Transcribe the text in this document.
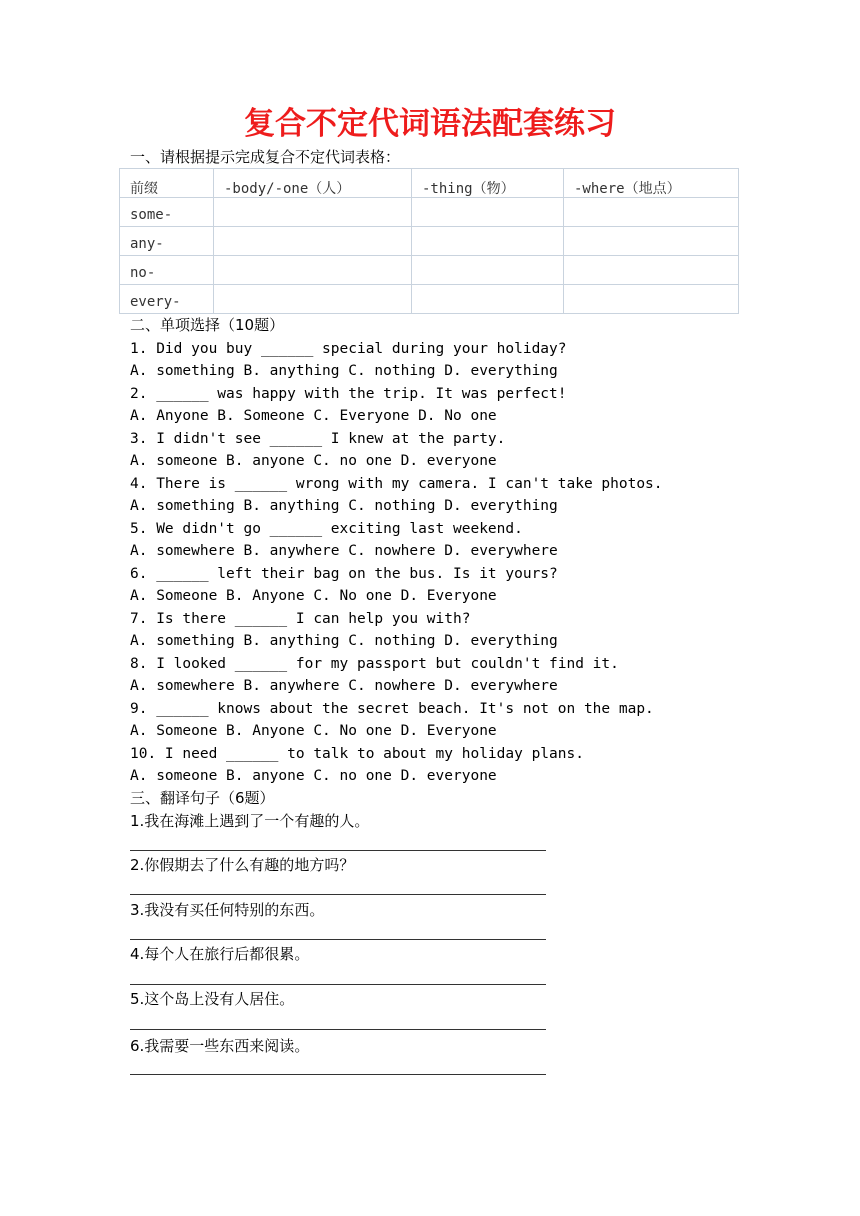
复合不定代词语法配套练习
一、请根据提示完成复合不定代词表格：
前缀	-body/-one（人）	-thing（物）	-where（地点）

some-			

any-			

no-			

every-			

二、单项选择（10题）
1. Did you buy ______ special during your holiday?
A. something B. anything C. nothing D. everything
2. ______ was happy with the trip. It was perfect!
A. Anyone B. Someone C. Everyone D. No one
3. I didn't see ______ I knew at the party.
A. someone B. anyone C. no one D. everyone
4. There is ______ wrong with my camera. I can't take photos.
A. something B. anything C. nothing D. everything
5. We didn't go ______ exciting last weekend.
A. somewhere B. anywhere C. nowhere D. everywhere
6. ______ left their bag on the bus. Is it yours?
A. Someone B. Anyone C. No one D. Everyone
7. Is there ______ I can help you with?
A. something B. anything C. nothing D. everything
8. I looked ______ for my passport but couldn't find it.
A. somewhere B. anywhere C. nowhere D. everywhere
9. ______ knows about the secret beach. It's not on the map.
A. Someone B. Anyone C. No one D. Everyone
10. I need ______ to talk to about my holiday plans.
A. someone B. anyone C. no one D. everyone
三、翻译句子（6题）
1.我在海滩上遇到了一个有趣的人。
2.你假期去了什么有趣的地方吗？
3.我没有买任何特别的东西。
4.每个人在旅行后都很累。
5.这个岛上没有人居住。
6.我需要一些东西来阅读。
